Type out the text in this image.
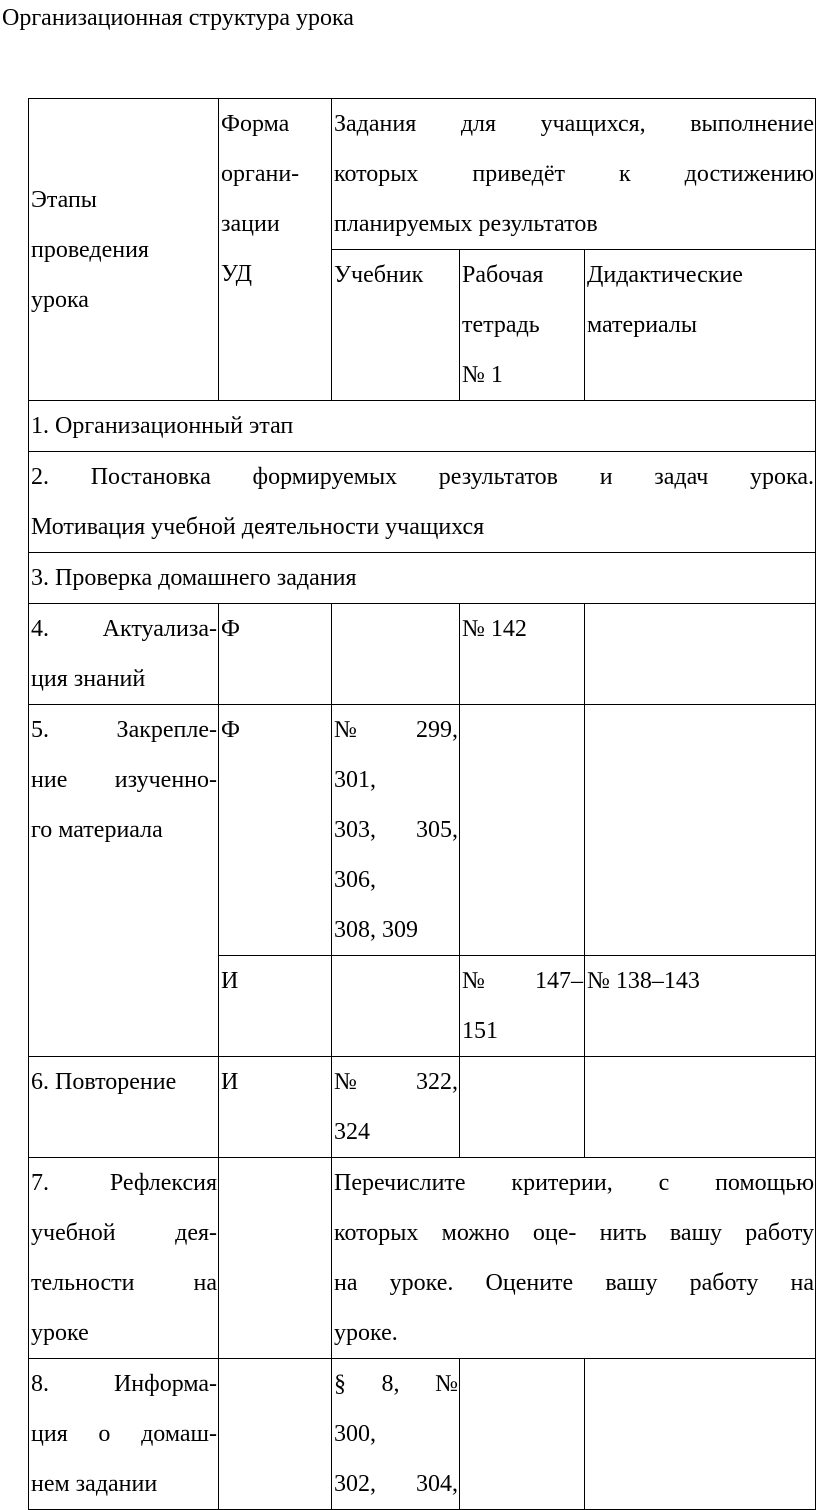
Организационная структура урока
Этапы
проведения
урока	Форма
органи-
зации
УД	Задания для учащихся, выполнение
которых приведёт к достижению
планируемых результатов		

		Учебник	Рабочая
тетрадь
№ 1	Дидактические
материалы

1. Организационный этап				

2. Постановка формируемых результатов и задач урока.
Мотивация учебной деятельности учащихся				

3. Проверка домашнего задания				

4. Актуализа-
ция знаний	Ф		№ 142	

5. Закрепле-
ние изученно-
го материала	Ф	№ 299,
301,
303, 305,
306,
308, 309		

	И		№ 147–
151	№ 138–143

6. Повторение	И	№ 322,
324		

7. Рефлексия
учебной дея-
тельности на
уроке		Перечислите критерии, с помощью
которых можно оце- нить вашу работу
на уроке. Оцените вашу работу на
уроке.		

8. Информа-
ция о домаш-
нем задании		§ 8, №
300,
302, 304,		
